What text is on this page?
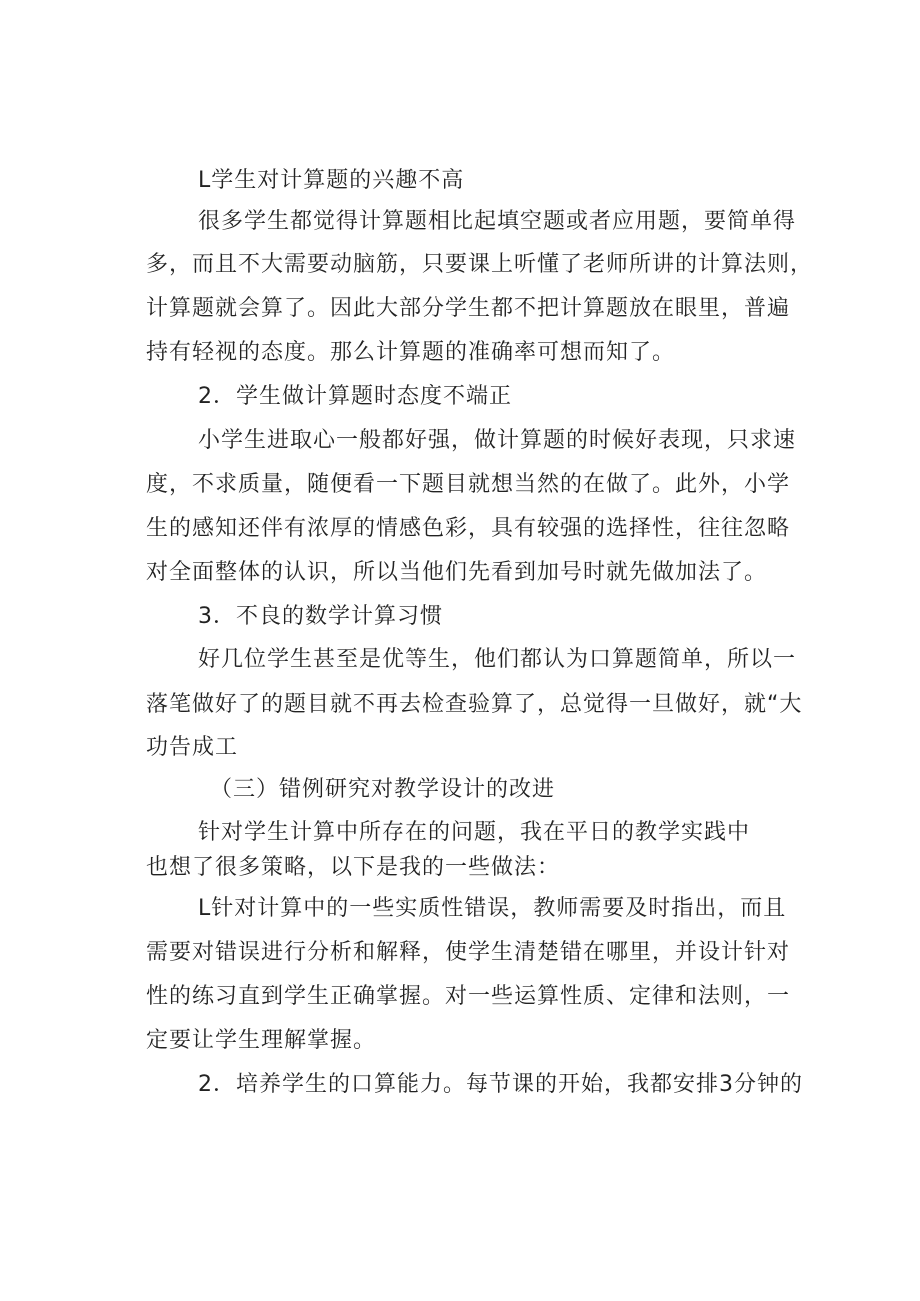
L学生对计算题的兴趣不高
很多学生都觉得计算题相比起填空题或者应用题，要简单得
多，而且不大需要动脑筋，只要课上听懂了老师所讲的计算法则，
计算题就会算了。因此大部分学生都不把计算题放在眼里，普遍
持有轻视的态度。那么计算题的准确率可想而知了。
2．学生做计算题时态度不端正
小学生进取心一般都好强，做计算题的时候好表现，只求速
度，不求质量，随便看一下题目就想当然的在做了。此外，小学
生的感知还伴有浓厚的情感色彩，具有较强的选择性，往往忽略
对全面整体的认识，所以当他们先看到加号时就先做加法了。
3．不良的数学计算习惯
好几位学生甚至是优等生，他们都认为口算题简单，所以一
落笔做好了的题目就不再去检查验算了，总觉得一旦做好，就“大
功告成工
（三）错例研究对教学设计的改进
针对学生计算中所存在的问题，我在平日的教学实践中
也想了很多策略，以下是我的一些做法：
L针对计算中的一些实质性错误，教师需要及时指出，而且
需要对错误进行分析和解释，使学生清楚错在哪里，并设计针对
性的练习直到学生正确掌握。对一些运算性质、定律和法则，一
定要让学生理解掌握。
2．培养学生的口算能力。每节课的开始，我都安排3分钟的
